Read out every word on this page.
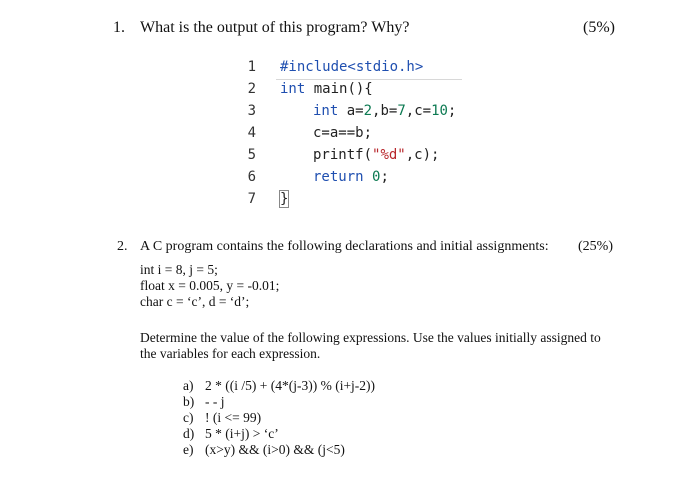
1. What is the output of this program? Why?	(5%)
1
2
3
4
5
6
7
#include<stdio.h>
int main(){
int a=2,b=7,c=10;
c=a==b;
printf("%d",c);
return 0;
}
2. A C program contains the following declarations and initial assignments: (25%)
int i = 8, j = 5;
float x = 0.005, y = -0.01;
char c = ‘c’, d = ‘d’;
Determine the value of the following expressions. Use the values initially assigned to
the variables for each expression.
a) 2 * ((i /5) + (4*(j-3)) % (i+j-2))
b) - - j
c) ! (i <= 99)
d) 5 * (i+j) > ‘c’
e) (x>y) && (i>0) && (j<5)
